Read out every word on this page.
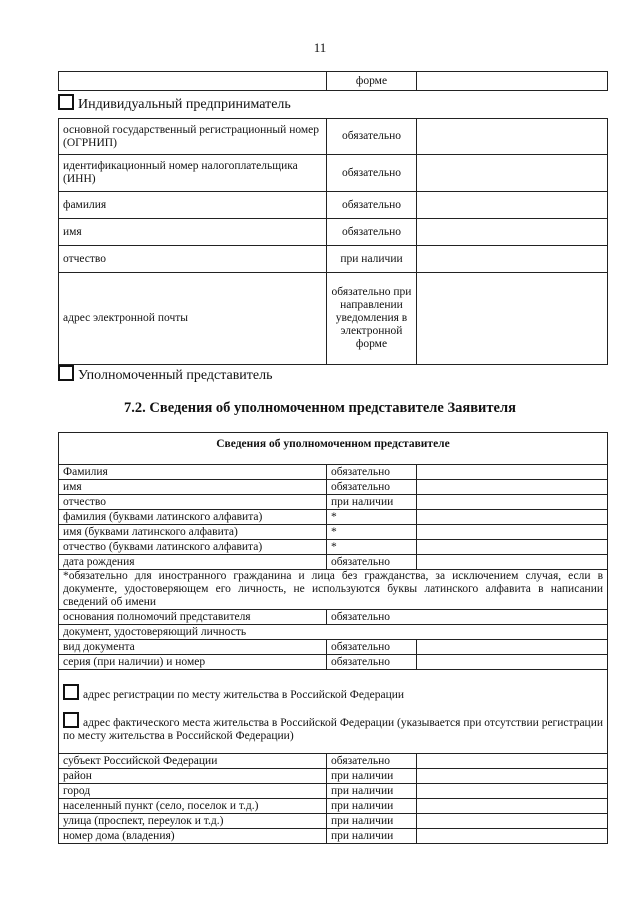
11
	форме	
Индивидуальный предприниматель
основной государственный регистрационный номер (ОГРНИП)	обязательно	
идентификационный номер налогоплательщика (ИНН)	обязательно	
фамилия	обязательно	
имя	обязательно	
отчество	при наличии	
адрес электронной почты	обязательно при направлении уведомления в электронной форме	
Уполномоченный представитель
7.2. Сведения об уполномоченном представителе Заявителя
Сведения об уполномоченном представителе		
Фамилия	обязательно	
имя	обязательно	
отчество	при наличии	
фамилия (буквами латинского алфавита)	*	
имя (буквами латинского алфавита)	*	
отчество (буквами латинского алфавита)	*	
дата рождения	обязательно	
*обязательно для иностранного гражданина и лица без гражданства, за исключением случая, если в документе, удостоверяющем его личность, не используются буквы латинского алфавита в написании сведений об имени		
основания полномочий представителя	обязательно	
документ, удостоверяющий личность		
вид документа	обязательно	
серия (при наличии) и номер	обязательно	

адрес регистрации по месту жительства в Российской Федерации
адрес фактического места жительства в Российской Федерации (указывается при отсутствии регистрации по месту жительства в Российской Федерации)		

субъект Российской Федерации	обязательно	
район	при наличии	
город	при наличии	
населенный пункт (село, поселок и т.д.)	при наличии	
улица (проспект, переулок и т.д.)	при наличии	
номер дома (владения)	при наличии	
